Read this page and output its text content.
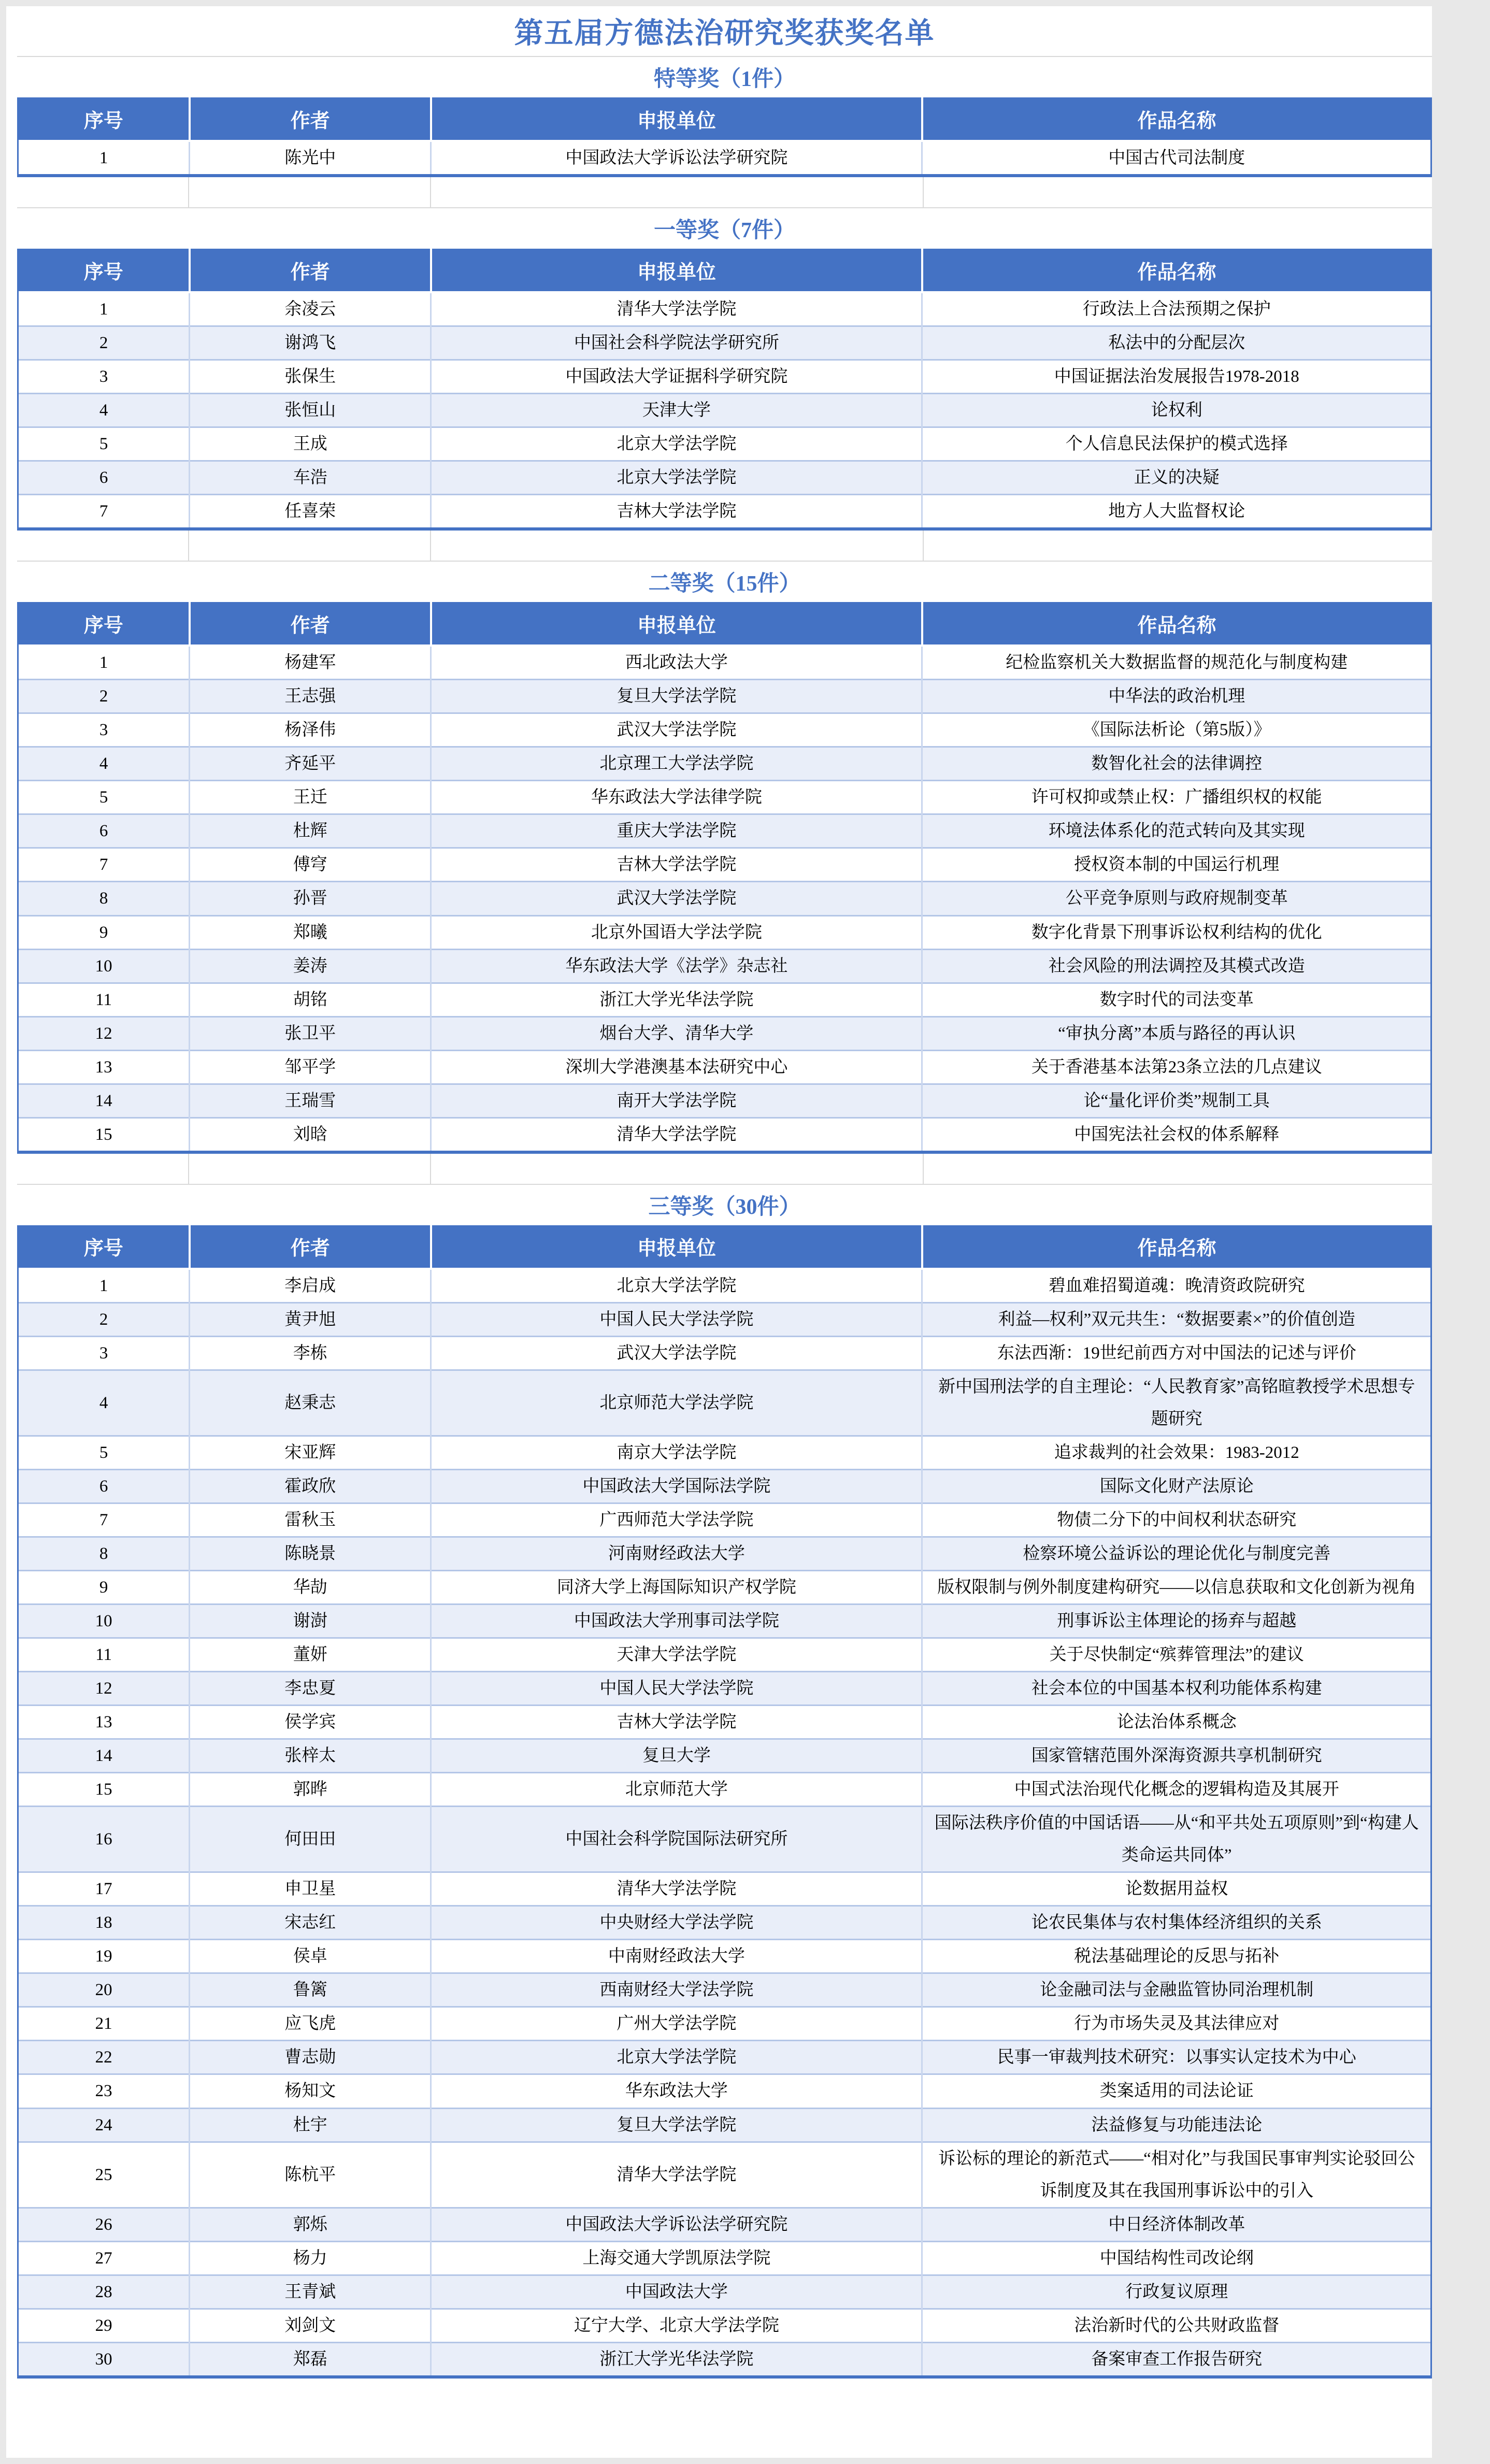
第五届方德法治研究奖获奖名单
特等奖（1件）
序号	作者	申报单位	作品名称
1	陈光中	中国政法大学诉讼法学研究院	中国古代司法制度
一等奖（7件）
序号	作者	申报单位	作品名称
1	余凌云	清华大学法学院	行政法上合法预期之保护
2	谢鸿飞	中国社会科学院法学研究所	私法中的分配层次
3	张保生	中国政法大学证据科学研究院	中国证据法治发展报告1978-2018
4	张恒山	天津大学	论权利
5	王成	北京大学法学院	个人信息民法保护的模式选择
6	车浩	北京大学法学院	正义的决疑
7	任喜荣	吉林大学法学院	地方人大监督权论
二等奖（15件）
序号	作者	申报单位	作品名称
1	杨建军	西北政法大学	纪检监察机关大数据监督的规范化与制度构建
2	王志强	复旦大学法学院	中华法的政治机理
3	杨泽伟	武汉大学法学院	《国际法析论（第5版）》
4	齐延平	北京理工大学法学院	数智化社会的法律调控
5	王迁	华东政法大学法律学院	许可权抑或禁止权：广播组织权的权能
6	杜辉	重庆大学法学院	环境法体系化的范式转向及其实现
7	傅穹	吉林大学法学院	授权资本制的中国运行机理
8	孙晋	武汉大学法学院	公平竞争原则与政府规制变革
9	郑曦	北京外国语大学法学院	数字化背景下刑事诉讼权利结构的优化
10	姜涛	华东政法大学《法学》杂志社	社会风险的刑法调控及其模式改造
11	胡铭	浙江大学光华法学院	数字时代的司法变革
12	张卫平	烟台大学、清华大学	“审执分离”本质与路径的再认识
13	邹平学	深圳大学港澳基本法研究中心	关于香港基本法第23条立法的几点建议
14	王瑞雪	南开大学法学院	论“量化评价类”规制工具
15	刘晗	清华大学法学院	中国宪法社会权的体系解释
三等奖（30件）
序号	作者	申报单位	作品名称
1	李启成	北京大学法学院	碧血难招蜀道魂：晚清资政院研究
2	黄尹旭	中国人民大学法学院	利益—权利”双元共生：“数据要素×”的价值创造
3	李栋	武汉大学法学院	东法西渐：19世纪前西方对中国法的记述与评价
4	赵秉志	北京师范大学法学院	新中国刑法学的自主理论：“人民教育家”高铭暄教授学术思想专题研究
5	宋亚辉	南京大学法学院	追求裁判的社会效果：1983-2012
6	霍政欣	中国政法大学国际法学院	国际文化财产法原论
7	雷秋玉	广西师范大学法学院	物债二分下的中间权利状态研究
8	陈晓景	河南财经政法大学	检察环境公益诉讼的理论优化与制度完善
9	华劼	同济大学上海国际知识产权学院	版权限制与例外制度建构研究——以信息获取和文化创新为视角
10	谢澍	中国政法大学刑事司法学院	刑事诉讼主体理论的扬弃与超越
11	董妍	天津大学法学院	关于尽快制定“殡葬管理法”的建议
12	李忠夏	中国人民大学法学院	社会本位的中国基本权利功能体系构建
13	侯学宾	吉林大学法学院	论法治体系概念
14	张梓太	复旦大学	国家管辖范围外深海资源共享机制研究
15	郭晔	北京师范大学	中国式法治现代化概念的逻辑构造及其展开
16	何田田	中国社会科学院国际法研究所	国际法秩序价值的中国话语——从“和平共处五项原则”到“构建人类命运共同体”
17	申卫星	清华大学法学院	论数据用益权
18	宋志红	中央财经大学法学院	论农民集体与农村集体经济组织的关系
19	侯卓	中南财经政法大学	税法基础理论的反思与拓补
20	鲁篱	西南财经大学法学院	论金融司法与金融监管协同治理机制
21	应飞虎	广州大学法学院	行为市场失灵及其法律应对
22	曹志勋	北京大学法学院	民事一审裁判技术研究：以事实认定技术为中心
23	杨知文	华东政法大学	类案适用的司法论证
24	杜宇	复旦大学法学院	法益修复与功能违法论
25	陈杭平	清华大学法学院	诉讼标的理论的新范式——“相对化”与我国民事审判实论驳回公诉制度及其在我国刑事诉讼中的引入
26	郭烁	中国政法大学诉讼法学研究院	中日经济体制改革
27	杨力	上海交通大学凯原法学院	中国结构性司改论纲
28	王青斌	中国政法大学	行政复议原理
29	刘剑文	辽宁大学、北京大学法学院	法治新时代的公共财政监督
30	郑磊	浙江大学光华法学院	备案审查工作报告研究
